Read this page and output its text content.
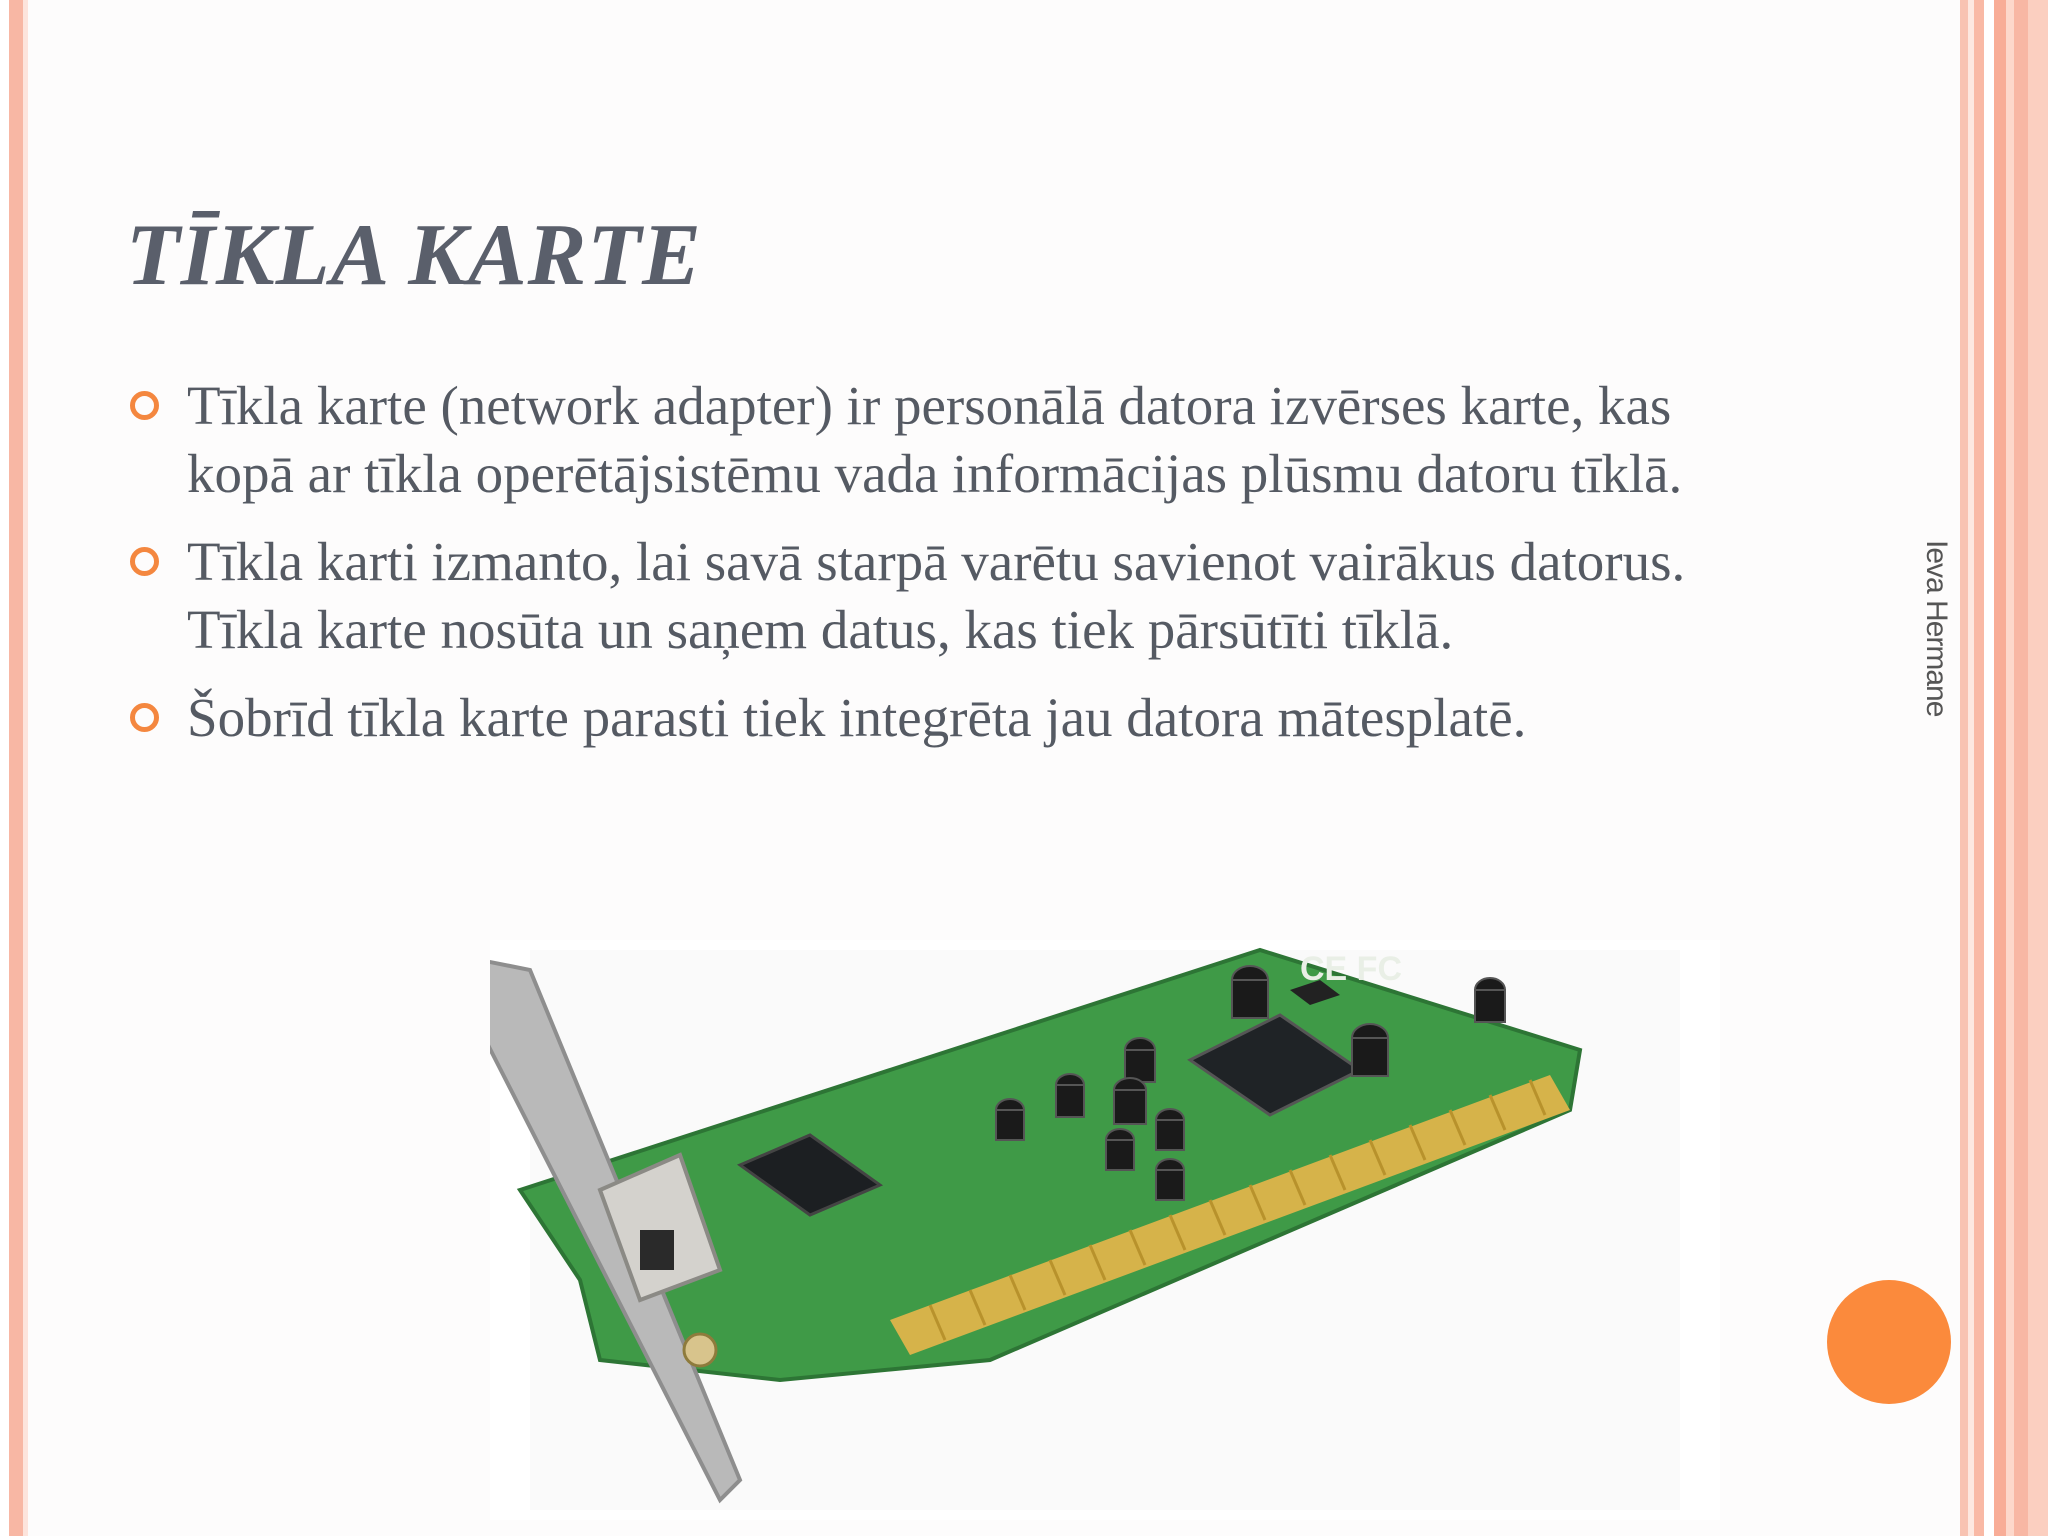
TĪKLA KARTE
Tīkla karte (network adapter) ir personālā datora izvērses karte, kas kopā ar tīkla operētājsistēmu vada informācijas plūsmu datoru tīklā.
Tīkla karti izmanto, lai savā starpā varētu savienot vairākus datorus. Tīkla karte nosūta un saņem datus, kas tiek pārsūtīti tīklā.
Šobrīd tīkla karte parasti tiek integrēta jau datora mātesplatē.
Ieva Hermane
CE FC
